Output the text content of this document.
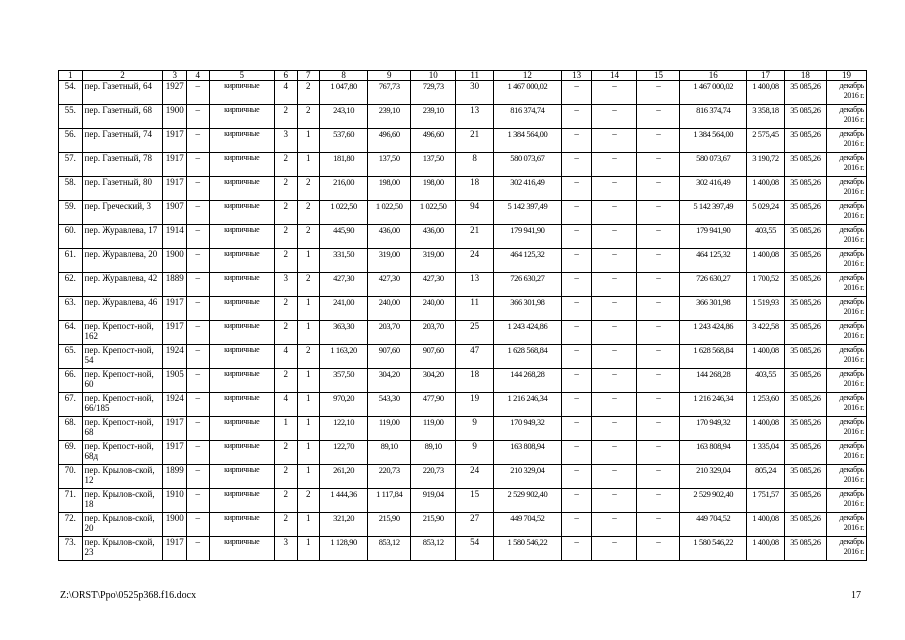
1	2	3	4	5	6	7	8	9	10	11	12	13	14	15	16	17	18	19
54.	пер. Газетный, 64	1927	–	кирпичные	4	2	1 047,80	767,73	729,73	30	1 467 000,02	–	–	–	1 467 000,02	1 400,08	35 085,26	декабрь 2016 г.
55.	пер. Газетный, 68	1900	–	кирпичные	2	2	243,10	239,10	239,10	13	816 374,74	–	–	–	816 374,74	3 358,18	35 085,26	декабрь 2016 г.
56.	пер. Газетный, 74	1917	–	кирпичные	3	1	537,60	496,60	496,60	21	1 384 564,00	–	–	–	1 384 564,00	2 575,45	35 085,26	декабрь 2016 г.
57.	пер. Газетный, 78	1917	–	кирпичные	2	1	181,80	137,50	137,50	8	580 073,67	–	–	–	580 073,67	3 190,72	35 085,26	декабрь 2016 г.
58.	пер. Газетный, 80	1917	–	кирпичные	2	2	216,00	198,00	198,00	18	302 416,49	–	–	–	302 416,49	1 400,08	35 085,26	декабрь 2016 г.
59.	пер. Греческий, 3	1907	–	кирпичные	2	2	1 022,50	1 022,50	1 022,50	94	5 142 397,49	–	–	–	5 142 397,49	5 029,24	35 085,26	декабрь 2016 г.
60.	пер. Журавлева, 17	1914	–	кирпичные	2	2	445,90	436,00	436,00	21	179 941,90	–	–	–	179 941,90	403,55	35 085,26	декабрь 2016 г.
61.	пер. Журавлева, 20	1900	–	кирпичные	2	1	331,50	319,00	319,00	24	464 125,32	–	–	–	464 125,32	1 400,08	35 085,26	декабрь 2016 г.
62.	пер. Журавлева, 42	1889	–	кирпичные	3	2	427,30	427,30	427,30	13	726 630,27	–	–	–	726 630,27	1 700,52	35 085,26	декабрь 2016 г.
63.	пер. Журавлева, 46	1917	–	кирпичные	2	1	241,00	240,00	240,00	11	366 301,98	–	–	–	366 301,98	1 519,93	35 085,26	декабрь 2016 г.
64.	пер. Крепост-ной, 162	1917	–	кирпичные	2	1	363,30	203,70	203,70	25	1 243 424,86	–	–	–	1 243 424,86	3 422,58	35 085,26	декабрь 2016 г.
65.	пер. Крепост-ной, 54	1924	–	кирпичные	4	2	1 163,20	907,60	907,60	47	1 628 568,84	–	–	–	1 628 568,84	1 400,08	35 085,26	декабрь 2016 г.
66.	пер. Крепост-ной, 60	1905	–	кирпичные	2	1	357,50	304,20	304,20	18	144 268,28	–	–	–	144 268,28	403,55	35 085,26	декабрь 2016 г.
67.	пер. Крепост-ной, 66/185	1924	–	кирпичные	4	1	970,20	543,30	477,90	19	1 216 246,34	–	–	–	1 216 246,34	1 253,60	35 085,26	декабрь 2016 г.
68.	пер. Крепост-ной, 68	1917	–	кирпичные	1	1	122,10	119,00	119,00	9	170 949,32	–	–	–	170 949,32	1 400,08	35 085,26	декабрь 2016 г.
69.	пер. Крепост-ной, 68д	1917	–	кирпичные	2	1	122,70	89,10	89,10	9	163 808,94	–	–	–	163 808,94	1 335,04	35 085,26	декабрь 2016 г.
70.	пер. Крылов-ской, 12	1899	–	кирпичные	2	1	261,20	220,73	220,73	24	210 329,04	–	–	–	210 329,04	805,24	35 085,26	декабрь 2016 г.
71.	пер. Крылов-ской, 18	1910	–	кирпичные	2	2	1 444,36	1 117,84	919,04	15	2 529 902,40	–	–	–	2 529 902,40	1 751,57	35 085,26	декабрь 2016 г.
72.	пер. Крылов-ской, 20	1900	–	кирпичные	2	1	321,20	215,90	215,90	27	449 704,52	–	–	–	449 704,52	1 400,08	35 085,26	декабрь 2016 г.
73.	пер. Крылов-ской, 23	1917	–	кирпичные	3	1	1 128,90	853,12	853,12	54	1 580 546,22	–	–	–	1 580 546,22	1 400,08	35 085,26	декабрь 2016 г.
Z:\ORST\Ppo\0525p368.f16.docx	17
